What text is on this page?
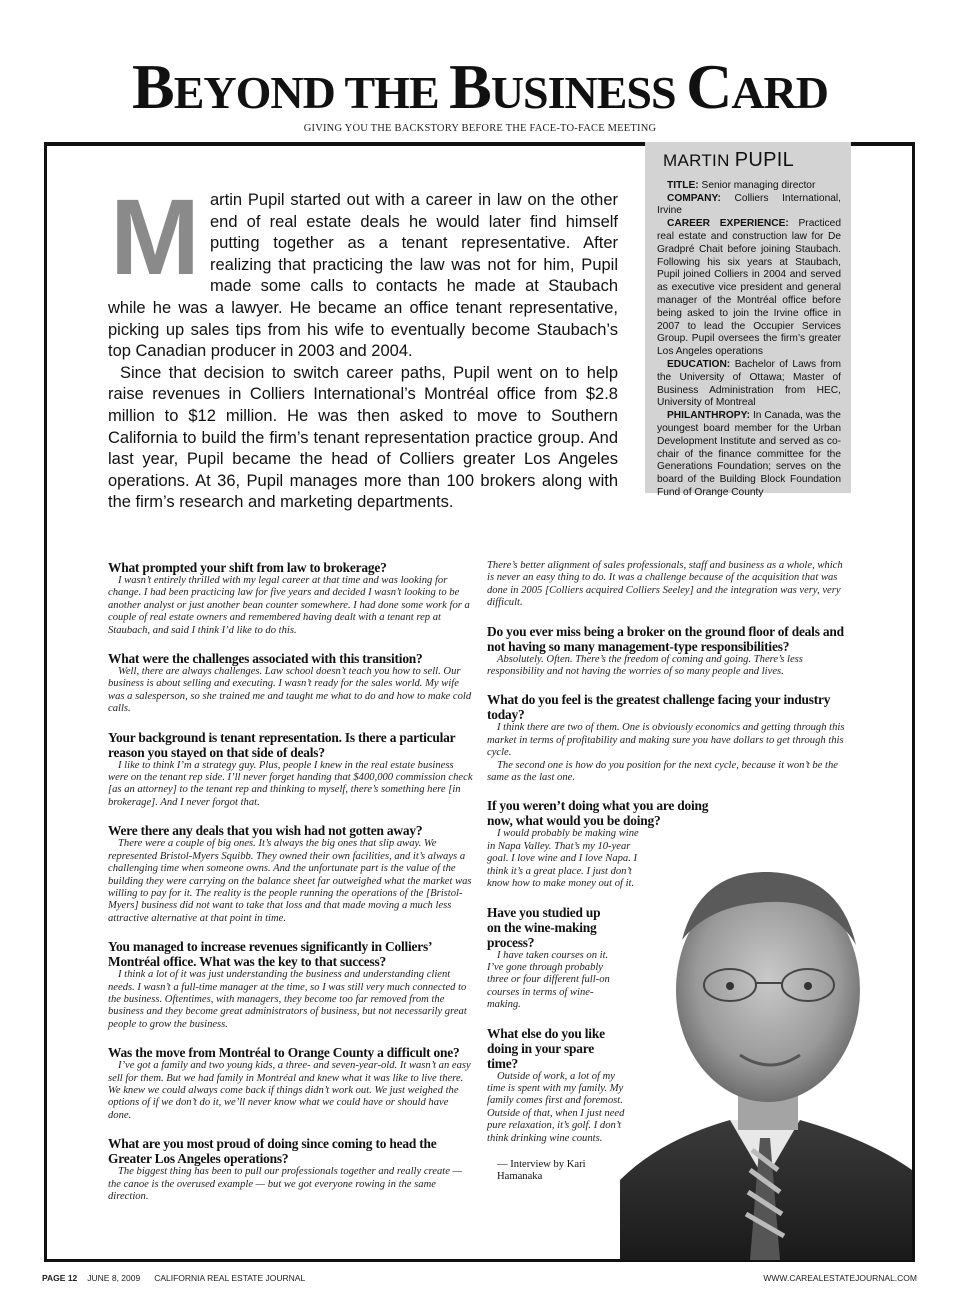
BEYOND THE BUSINESS CARD
GIVING YOU THE BACKSTORY BEFORE THE FACE-TO-FACE MEETING

Martin Pupil started out with a career in law on the other end of real estate deals he would later find himself putting together as a tenant representative. After realizing that practicing the law was not for him, Pupil made some calls to contacts he made at Staubach while he was a lawyer. He became an office tenant representative, picking up sales tips from his wife to eventually become Staubach’s top Canadian producer in 2003 and 2004.

Since that decision to switch career paths, Pupil went on to help raise revenues in Colliers International’s Montréal office from $2.8 million to $12 million. He was then asked to move to Southern California to build the firm’s tenant representation practice group. And last year, Pupil became the head of Colliers greater Los Angeles operations. At 36, Pupil manages more than 100 brokers along with the firm’s research and marketing departments.

MARTIN PUPIL
TITLE: Senior managing director
COMPANY: Colliers International, Irvine
CAREER EXPERIENCE: Practiced real estate and construction law for De Gradpré Chait before joining Staubach. Following his six years at Staubach, Pupil joined Colliers in 2004 and served as executive vice president and general manager of the Montréal office before being asked to join the Irvine office in 2007 to lead the Occupier Services Group. Pupil oversees the firm’s greater Los Angeles operations
EDUCATION: Bachelor of Laws from the University of Ottawa; Master of Business Administration from HEC, University of Montreal
PHILANTHROPY: In Canada, was the youngest board member for the Urban Development Institute and served as co-chair of the finance committee for the Generations Foundation; serves on the board of the Building Block Foundation Fund of Orange County
What prompted your shift from law to brokerage?
I wasn’t entirely thrilled with my legal career at that time and was looking for change. I had been practicing law for five years and decided I wasn’t looking to be another analyst or just another bean counter somewhere. I had done some work for a couple of real estate owners and remembered having dealt with a tenant rep at Staubach, and said I think I’d like to do this.
What were the challenges associated with this transition?
Well, there are always challenges. Law school doesn’t teach you how to sell. Our business is about selling and executing. I wasn’t ready for the sales world. My wife was a salesperson, so she trained me and taught me what to do and how to make cold calls.
Your background is tenant representation. Is there a particular reason you stayed on that side of deals?
I like to think I’m a strategy guy. Plus, people I knew in the real estate business were on the tenant rep side. I’ll never forget handing that $400,000 commission check [as an attorney] to the tenant rep and thinking to myself, there’s something here [in brokerage]. And I never forgot that.
Were there any deals that you wish had not gotten away?
There were a couple of big ones. It’s always the big ones that slip away. We represented Bristol-Myers Squibb. They owned their own facilities, and it’s always a challenging time when someone owns. And the unfortunate part is the value of the building they were carrying on the balance sheet far outweighed what the market was willing to pay for it. The reality is the people running the operations of the [Bristol-Myers] business did not want to take that loss and that made moving a much less attractive alternative at that point in time.
You managed to increase revenues significantly in Colliers’ Montréal office. What was the key to that success?
I think a lot of it was just understanding the business and understanding client needs. I wasn’t a full-time manager at the time, so I was still very much connected to the business. Oftentimes, with managers, they become too far removed from the business and they become great administrators of business, but not necessarily great people to grow the business.
Was the move from Montréal to Orange County a difficult one?
I’ve got a family and two young kids, a three- and seven-year-old. It wasn’t an easy sell for them. But we had family in Montréal and knew what it was like to live there. We knew we could always come back if things didn’t work out. We just weighed the options of if we don’t do it, we’ll never know what we could have or should have done.
What are you most proud of doing since coming to head the Greater Los Angeles operations?
The biggest thing has been to pull our professionals together and really create — the canoe is the overused example — but we got everyone rowing in the same direction.
There’s better alignment of sales professionals, staff and business as a whole, which is never an easy thing to do. It was a challenge because of the acquisition that was done in 2005 [Colliers acquired Colliers Seeley] and the integration was very, very difficult.
Do you ever miss being a broker on the ground floor of deals and not having so many management-type responsibilities?
Absolutely. Often. There’s the freedom of coming and going. There’s less responsibility and not having the worries of so many people and lives.
What do you feel is the greatest challenge facing your industry today?
I think there are two of them. One is obviously economics and getting through this market in terms of profitability and making sure you have dollars to get through this cycle.
The second one is how do you position for the next cycle, because it won’t be the same as the last one.
If you weren’t doing what you are doing now, what would you be doing?
I would probably be making wine in Napa Valley. That’s my 10-year goal. I love wine and I love Napa. I think it’s a great place. I just don’t know how to make money out of it.
Have you studied up on the wine-making process?
I have taken courses on it. I’ve gone through probably three or four different full-on courses in terms of wine-making.
What else do you like doing in your spare time?
Outside of work, a lot of my time is spent with my family. My family comes first and foremost. Outside of that, when I just need pure relaxation, it’s golf. I don’t think drinking wine counts.
— Interview by Kari Hamanaka
PAGE 12 JUNE 8, 2009 CALIFORNIA REAL ESTATE JOURNAL	WWW.CAREALESTATEJOURNAL.COM
